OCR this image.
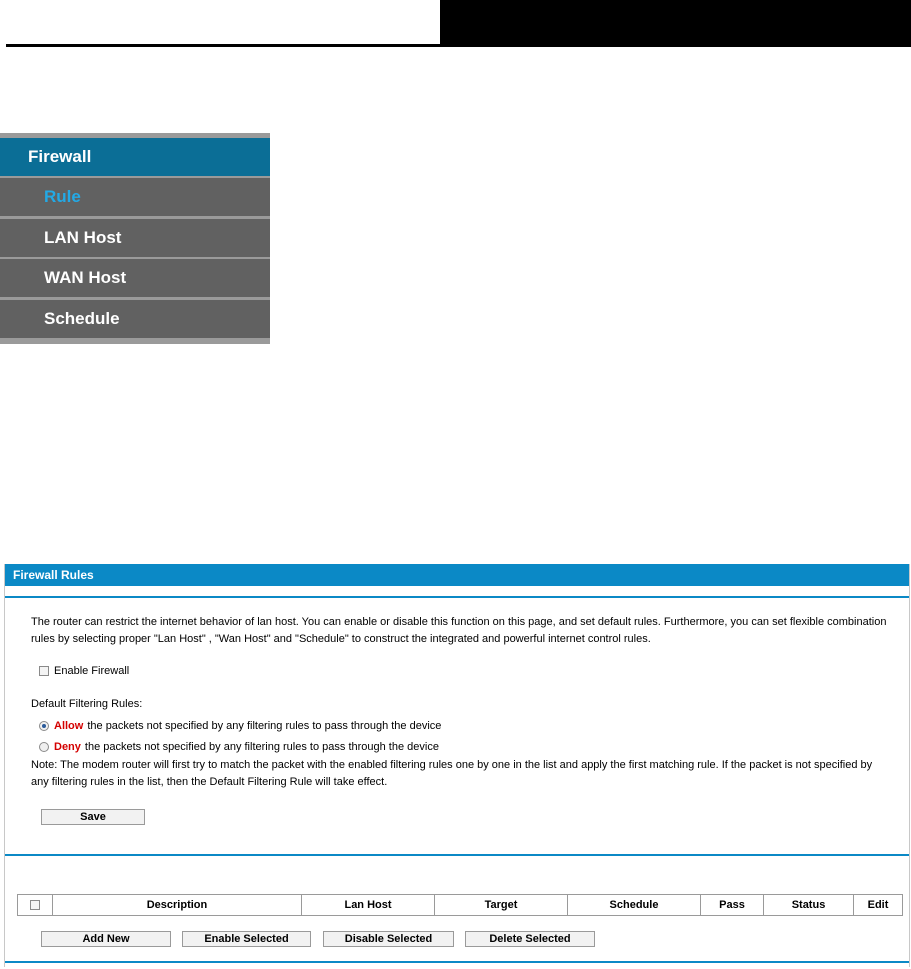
Firewall
Rule
LAN Host
WAN Host
Schedule
Firewall Rules
The router can restrict the internet behavior of lan host. You can enable or disable this function on this page, and set default rules. Furthermore, you can set flexible combination rules by selecting proper "Lan Host" , "Wan Host" and "Schedule" to construct the integrated and powerful internet control rules.
Enable Firewall
Default Filtering Rules:
Allow the packets not specified by any filtering rules to pass through the device
Deny the packets not specified by any filtering rules to pass through the device
Note: The modem router will first try to match the packet with the enabled filtering rules one by one in the list and apply the first matching rule. If the packet is not specified by any filtering rules in the list, then the Default Filtering Rule will take effect.
Save
	Description	Lan Host	Target	Schedule	Pass	Status	Edit
Add New	Enable Selected	Disable Selected	Delete Selected
